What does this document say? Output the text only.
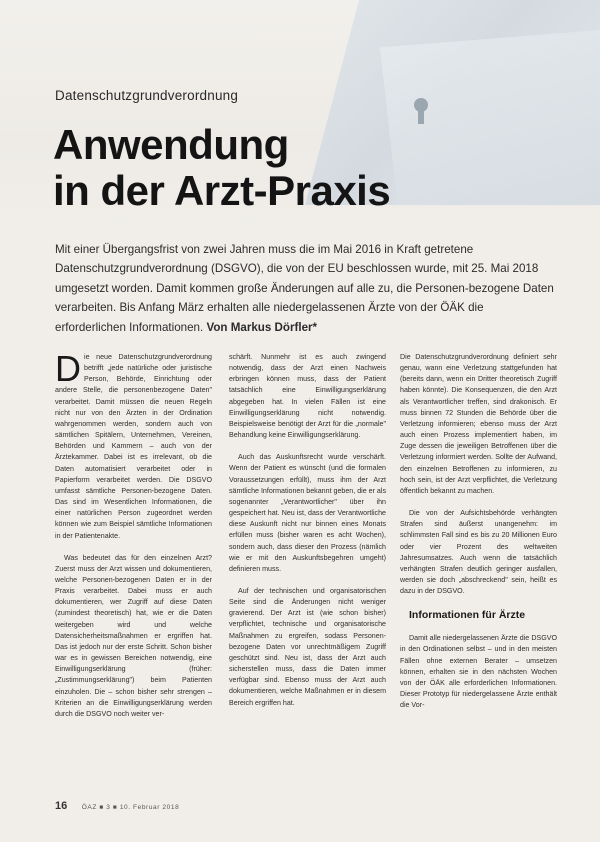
Datenschutzgrundverordnung
Anwendung
in der Arzt-Praxis

Mit einer Übergangsfrist von zwei Jahren muss die im Mai 2016 in Kraft getretene Datenschutzgrundverordnung (DSGVO), die von der EU beschlossen wurde, mit 25. Mai 2018 umgesetzt worden. Damit kommen große Änderungen auf alle zu, die Personen-bezogene Daten verarbeiten. Bis Anfang März erhalten alle niedergelassenen Ärzte von der ÖÄK die erforderlichen Informationen. Von Markus Dörfler*

Die neue Datenschutzgrundverordnung betrifft „jede natürliche oder juristische Person, Behörde, Einrichtung oder andere Stelle, die personenbezogene Daten" verarbeitet. Damit müssen die neuen Regeln nicht nur von den Ärzten in der Ordination wahrgenommen werden, sondern auch von sämtlichen Spitälern, Unternehmen, Vereinen, Behörden und Kammern – auch von der Ärztekammer. Dabei ist es irrelevant, ob die Daten automatisiert verarbeitet oder in Papierform verarbeitet werden. Die DSGVO umfasst sämtliche Personen-bezogene Daten. Das sind im Wesentlichen Informationen, die einer natürlichen Person zugeordnet werden können wie zum Beispiel sämtliche Informationen in der Patientenakte.

Was bedeutet das für den einzelnen Arzt? Zuerst muss der Arzt wissen und dokumentieren, welche Personen-bezogenen Daten er in der Praxis verarbeitet. Dabei muss er auch dokumentieren, wer Zugriff auf diese Daten (zumindest theoretisch) hat, wie er die Daten weitergeben wird und welche Datensicherheitsmaßnahmen er ergriffen hat. Das ist jedoch nur der erste Schritt. Schon bisher war es in gewissen Bereichen notwendig, eine Einwilligungserklärung (früher: „Zustimmungserklärung") beim Patienten einzuholen. Die – schon bisher sehr strengen – Kriterien an die Einwilligungserklärung werden durch die DSGVO noch weiter ver-

schärft. Nunmehr ist es auch zwingend notwendig, dass der Arzt einen Nachweis erbringen können muss, dass der Patient tatsächlich eine Einwilligungserklärung abgegeben hat. In vielen Fällen ist eine Einwilligungserklärung nicht notwendig. Beispielsweise benötigt der Arzt für die „normale" Behandlung keine Einwilligungserklärung.

Auch das Auskunftsrecht wurde verschärft. Wenn der Patient es wünscht (und die formalen Voraussetzungen erfüllt), muss ihm der Arzt sämtliche Informationen bekannt geben, die er als sogenannter „Verantwortlicher" über ihn gespeichert hat. Neu ist, dass der Verantwortliche diese Auskunft nicht nur binnen eines Monats erfüllen muss (bisher waren es acht Wochen), sondern auch, dass dieser den Prozess (nämlich wie er mit den Auskunftsbegehren umgeht) definieren muss.

Auf der technischen und organisatorischen Seite sind die Änderungen nicht weniger gravierend. Der Arzt ist (wie schon bisher) verpflichtet, technische und organisatorische Maßnahmen zu ergreifen, sodass Personen-bezogene Daten vor unrechtmäßigem Zugriff geschützt sind. Neu ist, dass der Arzt auch sicherstellen muss, dass die Daten immer verfügbar sind. Ebenso muss der Arzt auch dokumentieren, welche Maßnahmen er in diesem Bereich ergriffen hat.

Die Datenschutzgrundverordnung definiert sehr genau, wann eine Verletzung stattgefunden hat (bereits dann, wenn ein Dritter theoretisch Zugriff haben könnte). Die Konsequenzen, die den Arzt als Verantwortlicher treffen, sind drakonisch. Er muss binnen 72 Stunden die Behörde über die Verletzung informieren; ebenso muss der Arzt auch einen Prozess implementiert haben, im Zuge dessen die jeweiligen Betroffenen über die Verletzung informiert werden. Sollte der Aufwand, den einzelnen Betroffenen zu informieren, zu hoch sein, ist der Arzt verpflichtet, die Verletzung öffentlich bekannt zu machen.

Die von der Aufsichtsbehörde verhängten Strafen sind äußerst unangenehm: im schlimmsten Fall sind es bis zu 20 Millionen Euro oder vier Prozent des weltweiten Jahresumsatzes. Auch wenn die tatsächlich verhängten Strafen deutlich geringer ausfallen, werden sie doch „abschreckend" sein, heißt es dazu in der DSGVO.

Informationen für Ärzte

Damit alle niedergelassenen Ärzte die DSGVO in den Ordinationen selbst – und in den meisten Fällen ohne externen Berater – umsetzen können, erhalten sie in den nächsten Wochen von der ÖÄK alle erforderlichen Informationen. Dieser Prototyp für niedergelassene Ärzte enthält die Vor-

16 ÖAZ ■ 3 ■ 10. Februar 2018
